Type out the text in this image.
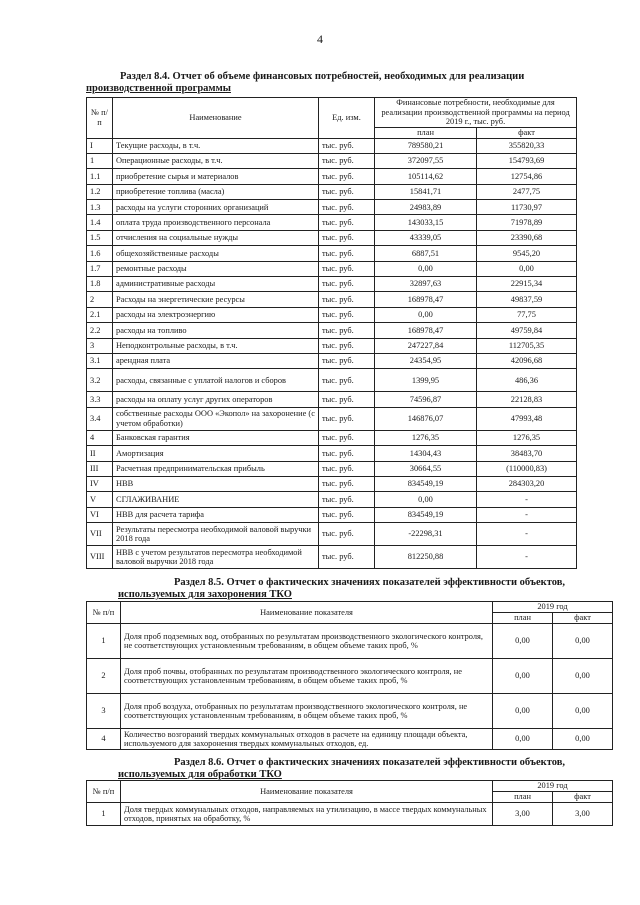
4
Раздел 8.4. Отчет об объеме финансовых потребностей, необходимых для реализации
производственной программы
№ п/п	Наименование	Ед. изм.	Финансовые потребности, необходимые для реализации производственной программы на период 2019 г., тыс. руб.	
			план	факт
I	Текущие расходы, в т.ч.	тыс. руб.	789580,21	355820,33
1	Операционные расходы, в т.ч.	тыс. руб.	372097,55	154793,69
1.1	приобретение сырья и материалов	тыс. руб.	105114,62	12754,86
1.2	приобретение топлива (масла)	тыс. руб.	15841,71	2477,75
1.3	расходы на услуги сторонних организаций	тыс. руб.	24983,89	11730,97
1.4	оплата труда производственного персонала	тыс. руб.	143033,15	71978,89
1.5	отчисления на социальные нужды	тыс. руб.	43339,05	23390,68
1.6	общехозяйственные расходы	тыс. руб.	6887,51	9545,20
1.7	ремонтные расходы	тыс. руб.	0,00	0,00
1.8	административные расходы	тыс. руб.	32897,63	22915,34
2	Расходы на энергетические ресурсы	тыс. руб.	168978,47	49837,59
2.1	расходы на электроэнергию	тыс. руб.	0,00	77,75
2.2	расходы на топливо	тыс. руб.	168978,47	49759,84
3	Неподконтрольные расходы, в т.ч.	тыс. руб.	247227,84	112705,35
3.1	арендная плата	тыс. руб.	24354,95	42096,68
3.2	расходы, связанные с уплатой налогов и сборов	тыс. руб.	1399,95	486,36
3.3	расходы на оплату услуг других операторов	тыс. руб.	74596,87	22128,83
3.4	собственные расходы ООО «Экопол» на захоронение (с учетом обработки)	тыс. руб.	146876,07	47993,48
4	Банковская гарантия	тыс. руб.	1276,35	1276,35
II	Амортизация	тыс. руб.	14304,43	38483,70
III	Расчетная предпринимательская прибыль	тыс. руб.	30664,55	(110000,83)
IV	НВВ	тыс. руб.	834549,19	284303,20
V	СГЛАЖИВАНИЕ	тыс. руб.	0,00	-
VI	НВВ для расчета тарифа	тыс. руб.	834549,19	-
VII	Результаты пересмотра необходимой валовой выручки 2018 года	тыс. руб.	-22298,31	-
VIII	НВВ с учетом результатов пересмотра необходимой валовой выручки 2018 года	тыс. руб.	812250,88	-
Раздел 8.5. Отчет о фактических значениях показателей эффективности объектов,
используемых для захоронения ТКО
№ п/п	Наименование показателя	2019 год	
		план	факт
1	Доля проб подземных вод, отобранных по результатам производственного экологического контроля, не соответствующих установленным требованиям, в общем объеме таких проб, %	0,00	0,00
2	Доля проб почвы, отобранных по результатам производственного экологического контроля, не соответствующих установленным требованиям, в общем объеме таких проб, %	0,00	0,00
3	Доля проб воздуха, отобранных по результатам производственного экологического контроля, не соответствующих установленным требованиям, в общем объеме таких проб, %	0,00	0,00
4	Количество возгораний твердых коммунальных отходов в расчете на единицу площади объекта, используемого для захоронения твердых коммунальных отходов, ед.	0,00	0,00
Раздел 8.6. Отчет о фактических значениях показателей эффективности объектов,
используемых для обработки ТКО
№ п/п	Наименование показателя	2019 год	
		план	факт
1	Доля твердых коммунальных отходов, направляемых на утилизацию, в массе твердых коммунальных отходов, принятых на обработку, %	3,00	3,00
